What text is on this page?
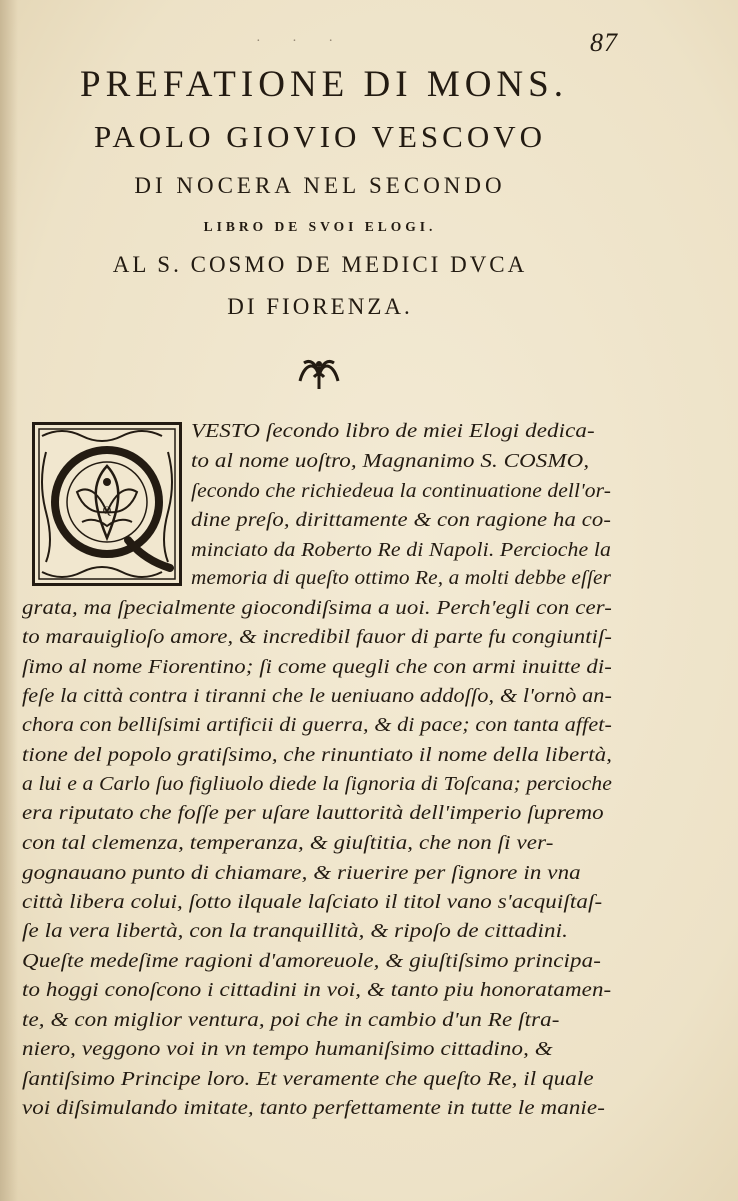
· · ·	87
PREFATIONE DI MONS.
PAOLO GIOVIO VESCOVO
DI NOCERA NEL SECONDO
LIBRO DE SVOI ELOGI.
AL S. COSMO DE MEDICI DVCA
DI FIORENZA.
Q
VESTO ſecondo libro de miei Elogi dedica-
to al nome uoſtro, Magnanimo S. COSMO,
ſecondo che richiedeua la continuatione dell'or-
dine preſo, dirittamente & con ragione ha co-
minciato da Roberto Re di Napoli. Percioche la
memoria di queſto ottimo Re, a molti debbe eſſer
grata, ma ſpecialmente giocondiſsima a uoi. Perch'egli con cer-
to marauiglioſo amore, & incredibil fauor di parte fu congiuntiſ-
ſimo al nome Fiorentino; ſi come quegli che con armi inuitte di-
feſe la città contra i tiranni che le ueniuano addoſſo, & l'ornò an-
chora con belliſsimi artificii di guerra, & di pace; con tanta affet-
tione del popolo gratiſsimo, che rinuntiato il nome della libertà,
a lui e a Carlo ſuo figliuolo diede la ſignoria di Toſcana; percioche
era riputato che foſſe per uſare lauttorità dell'imperio ſupremo
con tal clemenza, temperanza, & giuſtitia, che non ſi ver-
gognauano punto di chiamare, & riuerire per ſignore in vna
città libera colui, ſotto ilquale laſciato il titol vano s'acquiſtaſ-
ſe la vera libertà, con la tranquillità, & ripoſo de cittadini.
Queſte medeſime ragioni d'amoreuole, & giuſtiſsimo principa-
to hoggi conoſcono i cittadini in voi, & tanto piu honoratamen-
te, & con miglior ventura, poi che in cambio d'un Re ſtra-
niero, veggono voi in vn tempo humaniſsimo cittadino, &
ſantiſsimo Principe loro. Et veramente che queſto Re, il quale
voi diſsimulando imitate, tanto perfettamente in tutte le manie-
